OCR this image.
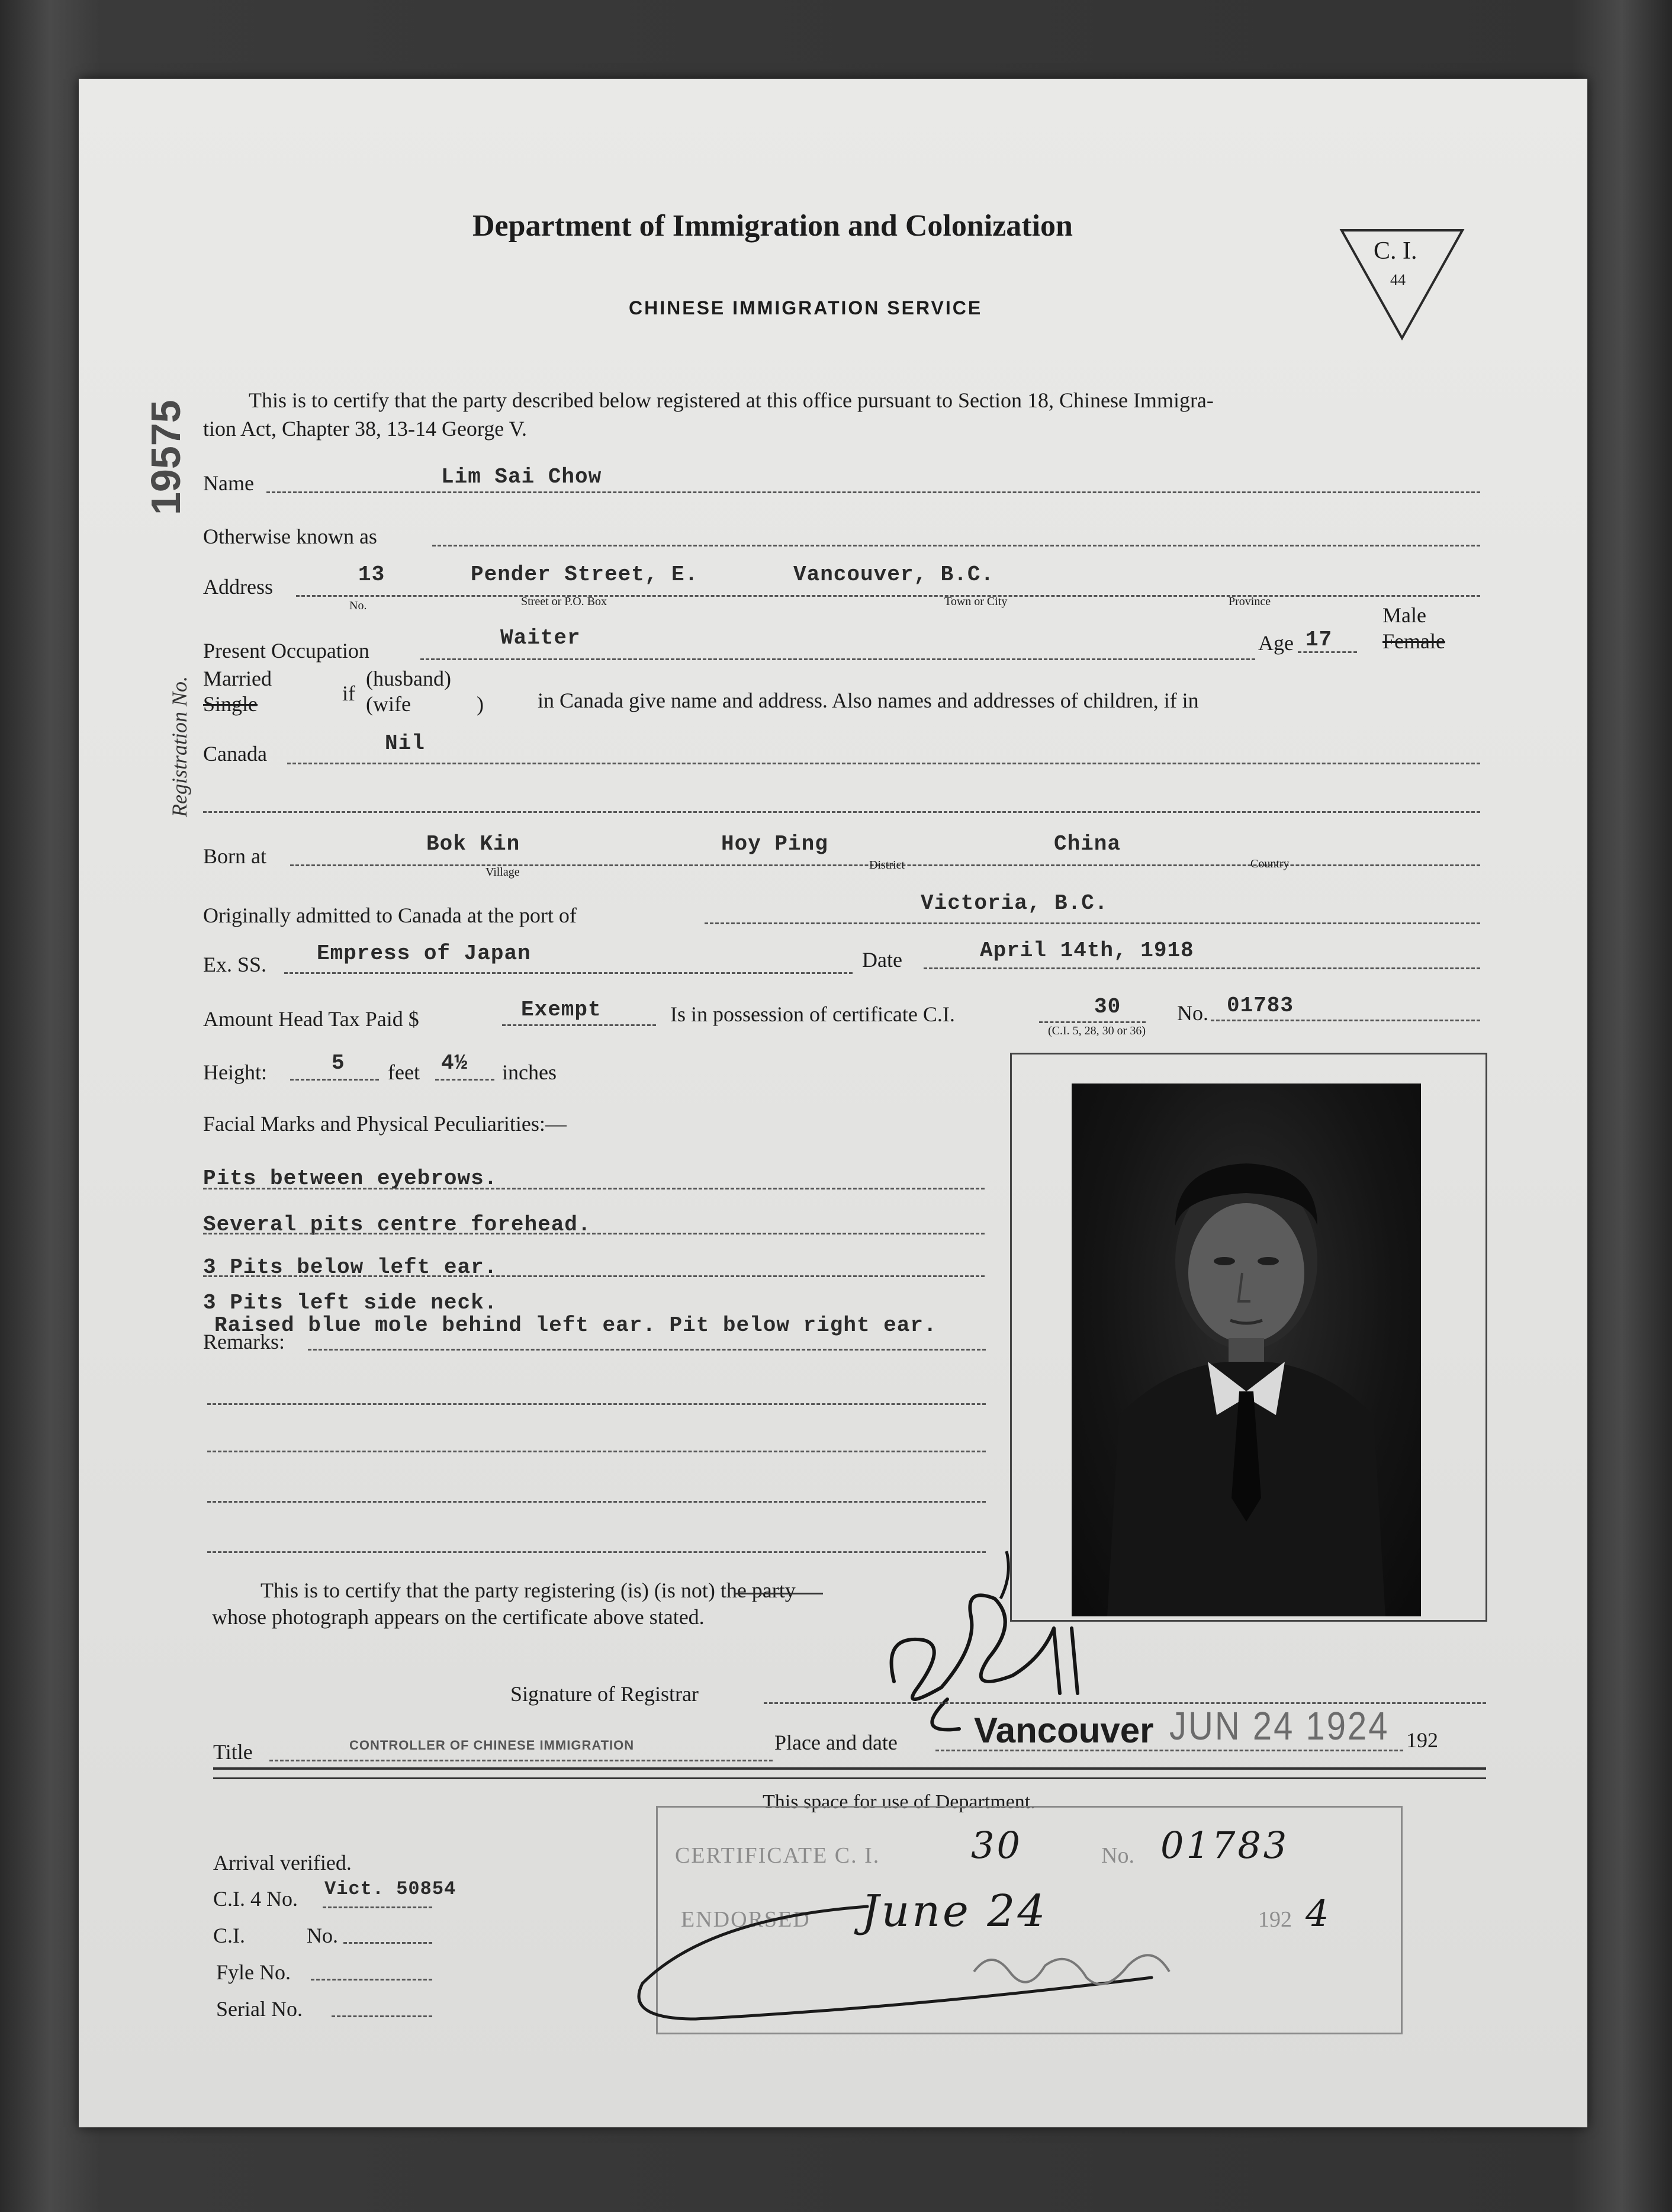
Department of Immigration and Colonization
CHINESE IMMIGRATION SERVICE
C. I.
44
19575
Registration No.
This is to certify that the party described below registered at this office pursuant to Section 18, Chinese Immigra-
tion Act, Chapter 38, 13-14 George V.
Name	Lim Sai Chow
Otherwise known as
Address	13	Pender Street, E.	Vancouver, B.C.
No.	Street or P.O. Box	Town or City	Province
Present Occupation
Waiter	Age 17
Male
Female
Married
Single	if
(husband)
(wife	)	in Canada give name and address. Also names and addresses of children, if in
Canada	Nil
Born at	Bok Kin	Hoy Ping	China
Village
District	Country
Originally admitted to Canada at the port of	Victoria, B.C.
Ex. SS. Empress of Japan	Date	April 14th, 1918
Amount Head Tax Paid $	Exempt	Is in possession of certificate C.I.	30	No. 01783
(C.I. 5, 28, 30 or 36)
Height:	5 feet 4½ inches
Facial Marks and Physical Peculiarities:—
Pits between eyebrows.
Several pits centre forehead.
3 Pits below left ear.
3 Pits left side neck.
Raised blue mole behind left ear. Pit below right ear.
Remarks:
This is to certify that the party registering (is) (is not) the party
whose photograph appears on the certificate above stated.
Signature of Registrar
Title	CONTROLLER OF CHINESE IMMIGRATION	Place and date Vancouver JUN 24 1924 192
This space for use of Department.
CERTIFICATE C. I. 30	No. 01783
ENDORSED June 24	192 4
Arrival verified.
C.I. 4 No. Vict. 50854
C.I.	No.
Fyle No.
Serial No.
